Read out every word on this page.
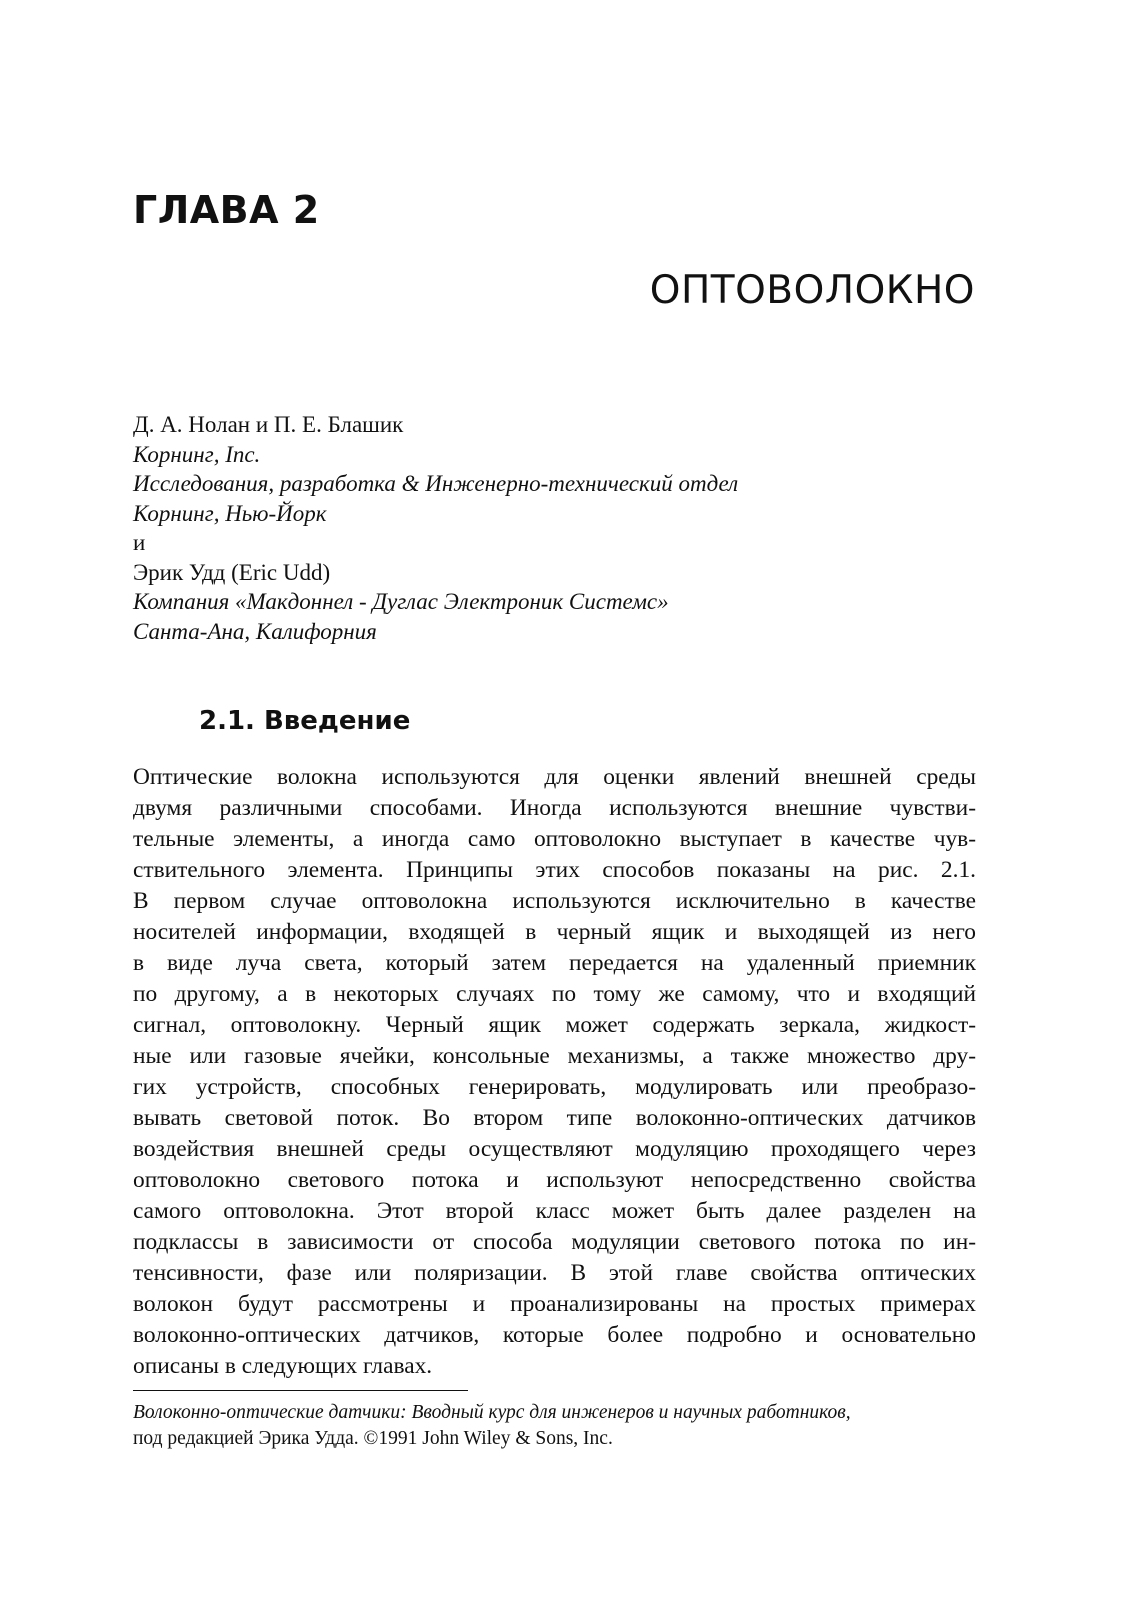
ГЛАВА 2
ОПТОВОЛОКНО
Д. А. Нолан и П. Е. Блашик
Корнинг, Inc.
Исследования, разработка & Инженерно-технический отдел
Корнинг, Нью-Йорк
и
Эрик Удд (Eric Udd)
Компания «Макдоннел - Дуглас Электроник Системс»
Санта-Ана, Калифорния
2.1. Введение
Оптические волокна используются для оценки явлений внешней среды
двумя различными способами. Иногда используются внешние чувстви-
тельные элементы, а иногда само оптоволокно выступает в качестве чув-
ствительного элемента. Принципы этих способов показаны на рис. 2.1.
В первом случае оптоволокна используются исключительно в качестве
носителей информации, входящей в черный ящик и выходящей из него
в виде луча света, который затем передается на удаленный приемник
по другому, а в некоторых случаях по тому же самому, что и входящий
сигнал, оптоволокну. Черный ящик может содержать зеркала, жидкост-
ные или газовые ячейки, консольные механизмы, а также множество дру-
гих устройств, способных генерировать, модулировать или преобразо-
вывать световой поток. Во втором типе волоконно-оптических датчиков
воздействия внешней среды осуществляют модуляцию проходящего через
оптоволокно светового потока и используют непосредственно свойства
самого оптоволокна. Этот второй класс может быть далее разделен на
подклассы в зависимости от способа модуляции светового потока по ин-
тенсивности, фазе или поляризации. В этой главе свойства оптических
волокон будут рассмотрены и проанализированы на простых примерах
волоконно-оптических датчиков, которые более подробно и основательно
описаны в следующих главах.
Волоконно-оптические датчики: Вводный курс для инженеров и научных работников,
под редакцией Эрика Удда. ©1991 John Wiley & Sons, Inc.
